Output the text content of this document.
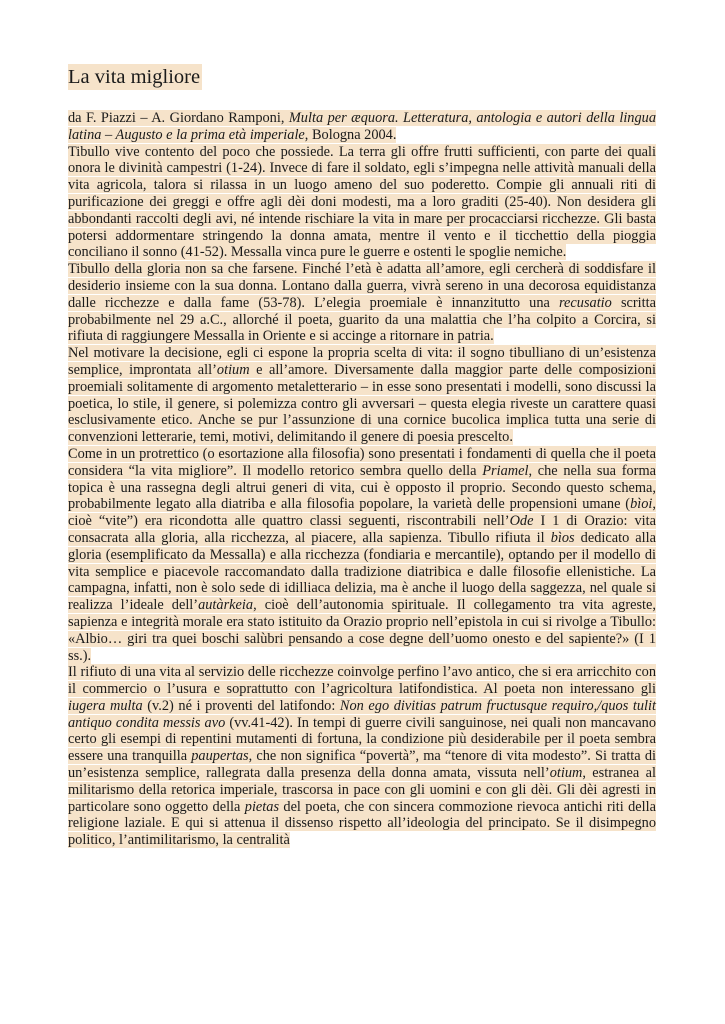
La vita migliore

da F. Piazzi – A. Giordano Ramponi, Multa per æquora. Letteratura, antologia e autori della lingua latina – Augusto e la prima età imperiale, Bologna 2004.

Tibullo vive contento del poco che possiede. La terra gli offre frutti sufficienti, con parte dei quali onora le divinità campestri (1-24). Invece di fare il soldato, egli s’impegna nelle attività manuali della vita agricola, talora si rilassa in un luogo ameno del suo poderetto. Compie gli annuali riti di purificazione dei greggi e offre agli dèi doni modesti, ma a loro graditi (25-40). Non desidera gli abbondanti raccolti degli avi, né intende rischiare la vita in mare per procacciarsi ricchezze. Gli basta potersi addormentare stringendo la donna amata, mentre il vento e il ticchettio della pioggia conciliano il sonno (41-52). Messalla vinca pure le guerre e ostenti le spoglie nemiche.

Tibullo della gloria non sa che farsene. Finché l’età è adatta all’amore, egli cercherà di soddisfare il desiderio insieme con la sua donna. Lontano dalla guerra, vivrà sereno in una decorosa equidistanza dalle ricchezze e dalla fame (53-78). L’elegia proemiale è innanzitutto una recusatio scritta probabilmente nel 29 a.C., allorché il poeta, guarito da una malattia che l’ha colpito a Corcira, si rifiuta di raggiungere Messalla in Oriente e si accinge a ritornare in patria.

Nel motivare la decisione, egli ci espone la propria scelta di vita: il sogno tibulliano di un’esistenza semplice, improntata all’otium e all’amore. Diversamente dalla maggior parte delle composizioni proemiali solitamente di argomento metaletterario – in esse sono presentati i modelli, sono discussi la poetica, lo stile, il genere, si polemizza contro gli avversari – questa elegia riveste un carattere quasi esclusivamente etico. Anche se pur l’assunzione di una cornice bucolica implica tutta una serie di convenzioni letterarie, temi, motivi, delimitando il genere di poesia prescelto.

Come in un protrettico (o esortazione alla filosofia) sono presentati i fondamenti di quella che il poeta considera “la vita migliore”. Il modello retorico sembra quello della Priamel, che nella sua forma topica è una rassegna degli altrui generi di vita, cui è opposto il proprio. Secondo questo schema, probabilmente legato alla diatriba e alla filosofia popolare, la varietà delle propensioni umane (bìoi, cioè “vite”) era ricondotta alle quattro classi seguenti, riscontrabili nell’Ode I 1 di Orazio: vita consacrata alla gloria, alla ricchezza, al piacere, alla sapienza. Tibullo rifiuta il bìos dedicato alla gloria (esemplificato da Messalla) e alla ricchezza (fondiaria e mercantile), optando per il modello di vita semplice e piacevole raccomandato dalla tradizione diatribica e dalle filosofie ellenistiche. La campagna, infatti, non è solo sede di idilliaca delizia, ma è anche il luogo della saggezza, nel quale si realizza l’ideale dell’autàrkeia, cioè dell’autonomia spirituale. Il collegamento tra vita agreste, sapienza e integrità morale era stato istituito da Orazio proprio nell’epistola in cui si rivolge a Tibullo: «Albio… giri tra quei boschi salùbri pensando a cose degne dell’uomo onesto e del sapiente?» (I 1 ss.).

Il rifiuto di una vita al servizio delle ricchezze coinvolge perfino l’avo antico, che si era arricchito con il commercio o l’usura e soprattutto con l’agricoltura latifondistica. Al poeta non interessano gli iugera multa (v.2) né i proventi del latifondo: Non ego divitias patrum fructusque requiro,/quos tulit antiquo condita messis avo (vv.41-42). In tempi di guerre civili sanguinose, nei quali non mancavano certo gli esempi di repentini mutamenti di fortuna, la condizione più desiderabile per il poeta sembra essere una tranquilla paupertas, che non significa “povertà”, ma “tenore di vita modesto”. Si tratta di un’esistenza semplice, rallegrata dalla presenza della donna amata, vissuta nell’otium, estranea al militarismo della retorica imperiale, trascorsa in pace con gli uomini e con gli dèi. Gli dèi agresti in particolare sono oggetto della pietas del poeta, che con sincera commozione rievoca antichi riti della religione laziale. E qui si attenua il dissenso rispetto all’ideologia del principato. Se il disimpegno politico, l’antimilitarismo, la centralità
